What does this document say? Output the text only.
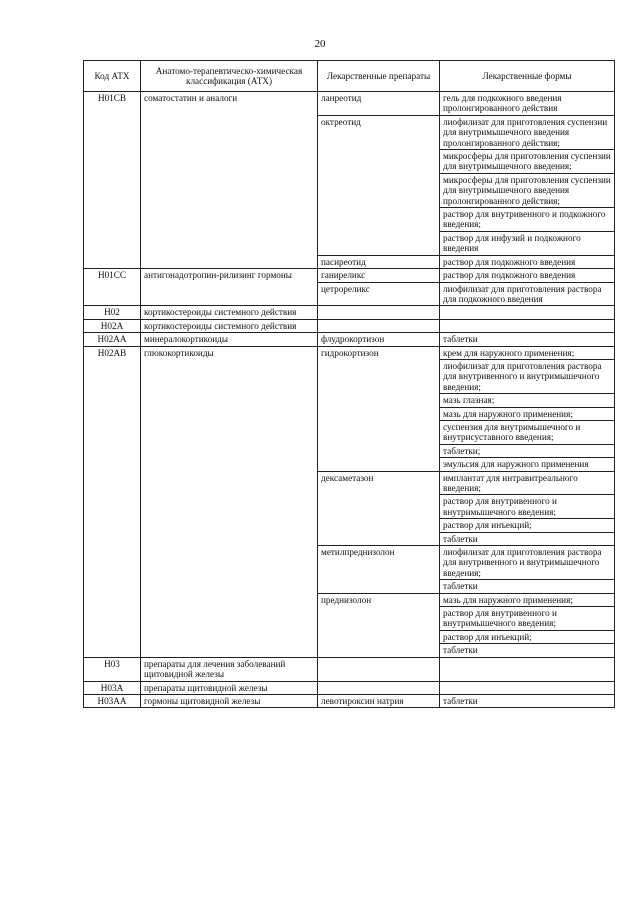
20
Код АТХ	Анатомо-терапевтическо-химическая классификация (АТХ)	Лекарственные препараты	Лекарственные формы
H01CB	соматостатин и аналоги	ланреотид	гель для подкожного введения пролонгированного действия
		октреотид	лиофилизат для приготовления суспензии для внутримышечного введения пролонгированного действия;
			микросферы для приготовления суспензии для внутримышечного введения;
			микросферы для приготовления суспензии для внутримышечного введения пролонгированного действия;
			раствор для внутривенного и подкожного введения;
			раствор для инфузий и подкожного введения
		пасиреотид	раствор для подкожного введения
H01CC	антигонадотропин-рилизинг гормоны	ганиреликс	раствор для подкожного введения
		цетрореликс	лиофилизат для приготовления раствора для подкожного введения
H02	кортикостероиды системного действия		
H02A	кортикостероиды системного действия		
H02AA	минералокортикоиды	флудрокортизон	таблетки
H02AB	глюкокортикоиды	гидрокортизон	крем для наружного применения;
			лиофилизат для приготовления раствора для внутривенного и внутримышечного введения;
			мазь глазная;
			мазь для наружного применения;
			суспензия для внутримышечного и внутрисуставного введения;
			таблетки;
			эмульсия для наружного применения
		дексаметазон	имплантат для интравитреального введения;
			раствор для внутривенного и внутримышечного введения;
			раствор для инъекций;
			таблетки
		метилпреднизолон	лиофилизат для приготовления раствора для внутривенного и внутримышечного введения;
			таблетки
		преднизолон	мазь для наружного применения;
			раствор для внутривенного и внутримышечного введения;
			раствор для инъекций;
			таблетки
H03	препараты для лечения заболеваний щитовидной железы		
H03A	препараты щитовидной железы		
H03AA	гормоны щитовидной железы	левотироксин натрия	таблетки
